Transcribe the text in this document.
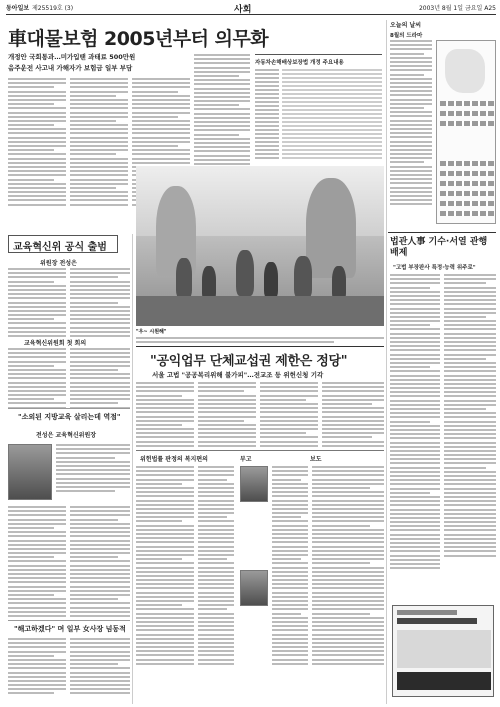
동아일보 제25519호 (3)	사회	2003년 8월 1일 금요일 A25
車대물보험 2005년부터 의무화
개정안 국회통과…미가입땐 과태료 500만원
음주운전 사고내 가해자가 보험금 일부 부담
자동차손해배상보장법 개정 주요내용
오늘의 날씨
8월의 드라마
교육혁신위 공식 출범
위원장 전성은
교육혁신위원회 첫 회의
"소외된 지방교육 살리는데 역점"
전성은 교육혁신위원장
"해고하겠다" 며 일부 女사장 넘동적
"우~ 시원해"
"공익업무 단체교섭권 제한은 정당"
서울 고법 "공공복리위해 불가피"…전교조 등 위헌신청 기각
위헌법률 판정의 복지편의	부고	보도
법관人事 기수·서열 관행 배제
"고법 부장판사 특정·능력 위주로"
